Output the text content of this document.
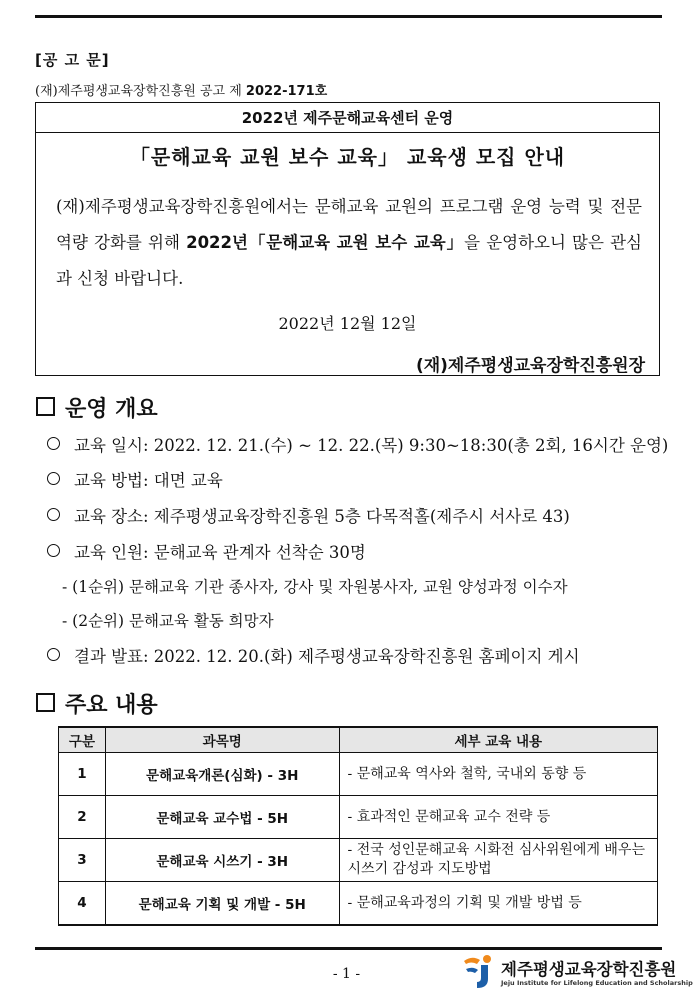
[공 고 문]
(재)제주평생교육장학진흥원 공고 제 2022-171호
2022년 제주문해교육센터 운영
「문해교육 교원 보수 교육」 교육생 모집 안내
(재)제주평생교육장학진흥원에서는 문해교육 교원의 프로그램 운영 능력 및 전문 역량 강화를 위해 2022년「문해교육 교원 보수 교육」을 운영하오니 많은 관심과 신청 바랍니다.
2022년 12월 12일
(재)제주평생교육장학진흥원장
운영 개요
교육 일시: 2022. 12. 21.(수) ~ 12. 22.(목) 9:30~18:30(총 2회, 16시간 운영)
교육 방법: 대면 교육
교육 장소: 제주평생교육장학진흥원 5층 다목적홀(제주시 서사로 43)
교육 인원: 문해교육 관계자 선착순 30명
- (1순위) 문해교육 기관 종사자, 강사 및 자원봉사자, 교원 양성과정 이수자
- (2순위) 문해교육 활동 희망자
결과 발표: 2022. 12. 20.(화) 제주평생교육장학진흥원 홈페이지 게시
주요 내용
구분	과목명	세부 교육 내용
1	문해교육개론(심화) - 3H	- 문해교육 역사와 철학, 국내외 동향 등
2	문해교육 교수법 - 5H	- 효과적인 문해교육 교수 전략 등
3	문해교육 시쓰기 - 3H	- 전국 성인문해교육 시화전 심사위원에게 배우는 시쓰기 감성과 지도방법
4	문해교육 기획 및 개발 - 5H	- 문해교육과정의 기획 및 개발 방법 등
- 1 -	제주평생교육장학진흥원
Jeju Institute for Lifelong Education and Scholarship
